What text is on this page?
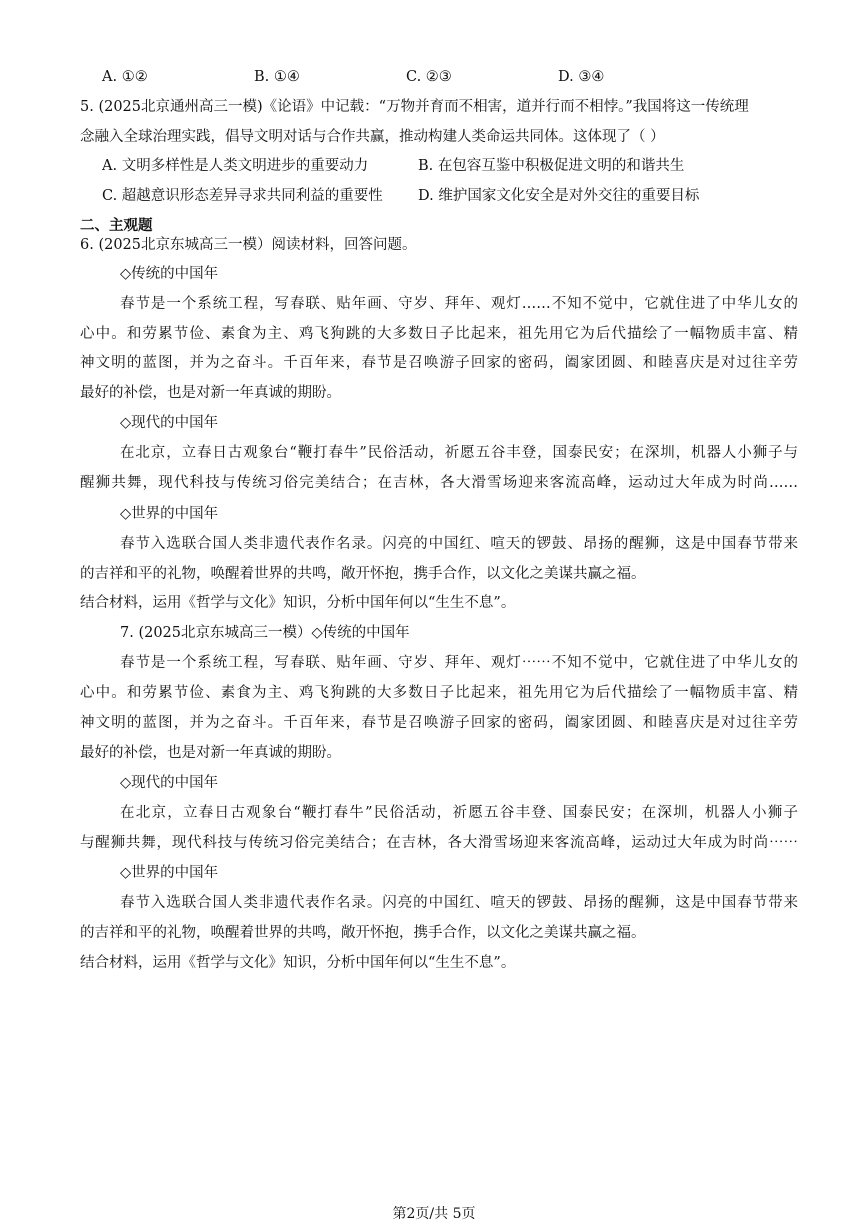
A. ①②	B. ①④	C. ②③	D. ③④
5. (2025北京通州高三一模)《论语》中记载：“万物并育而不相害，道并行而不相悖。”我国将这一传统理
念融入全球治理实践，倡导文明对话与合作共赢，推动构建人类命运共同体。这体现了（ ）
A. 文明多样性是人类文明进步的重要动力	B. 在包容互鉴中积极促进文明的和谐共生
C. 超越意识形态差异寻求共同利益的重要性 D. 维护国家文化安全是对外交往的重要目标
二、主观题
6. (2025北京东城高三一模）阅读材料，回答问题。
◇传统的中国年
春节是一个系统工程，写春联、贴年画、守岁、拜年、观灯……不知不觉中，它就住进了中华儿女的
心中。和劳累节俭、素食为主、鸡飞狗跳的大多数日子比起来，祖先用它为后代描绘了一幅物质丰富、精
神文明的蓝图，并为之奋斗。千百年来，春节是召唤游子回家的密码，阖家团圆、和睦喜庆是对过往辛劳
最好的补偿，也是对新一年真诚的期盼。
◇现代的中国年
在北京，立春日古观象台“鞭打春牛”民俗活动，祈愿五谷丰登，国泰民安；在深圳，机器人小狮子与
醒狮共舞，现代科技与传统习俗完美结合；在吉林，各大滑雪场迎来客流高峰，运动过大年成为时尚……
◇世界的中国年
春节入选联合国人类非遗代表作名录。闪亮的中国红、喧天的锣鼓、昂扬的醒狮，这是中国春节带来
的吉祥和平的礼物，唤醒着世界的共鸣，敞开怀抱，携手合作，以文化之美谋共赢之福。
结合材料，运用《哲学与文化》知识，分析中国年何以“生生不息”。
7. (2025北京东城高三一模）◇传统的中国年
春节是一个系统工程，写春联、贴年画、守岁、拜年、观灯⋯⋯不知不觉中，它就住进了中华儿女的
心中。和劳累节俭、素食为主、鸡飞狗跳的大多数日子比起来，祖先用它为后代描绘了一幅物质丰富、精
神文明的蓝图，并为之奋斗。千百年来，春节是召唤游子回家的密码，阖家团圆、和睦喜庆是对过往辛劳
最好的补偿，也是对新一年真诚的期盼。
◇现代的中国年
在北京，立春日古观象台“鞭打春牛”民俗活动，祈愿五谷丰登、国泰民安；在深圳，机器人小狮子
与醒狮共舞，现代科技与传统习俗完美结合；在吉林，各大滑雪场迎来客流高峰，运动过大年成为时尚⋯⋯
◇世界的中国年
春节入选联合国人类非遗代表作名录。闪亮的中国红、喧天的锣鼓、昂扬的醒狮，这是中国春节带来
的吉祥和平的礼物，唤醒着世界的共鸣，敞开怀抱，携手合作，以文化之美谋共赢之福。
结合材料，运用《哲学与文化》知识，分析中国年何以“生生不息”。
第2页/共 5页
